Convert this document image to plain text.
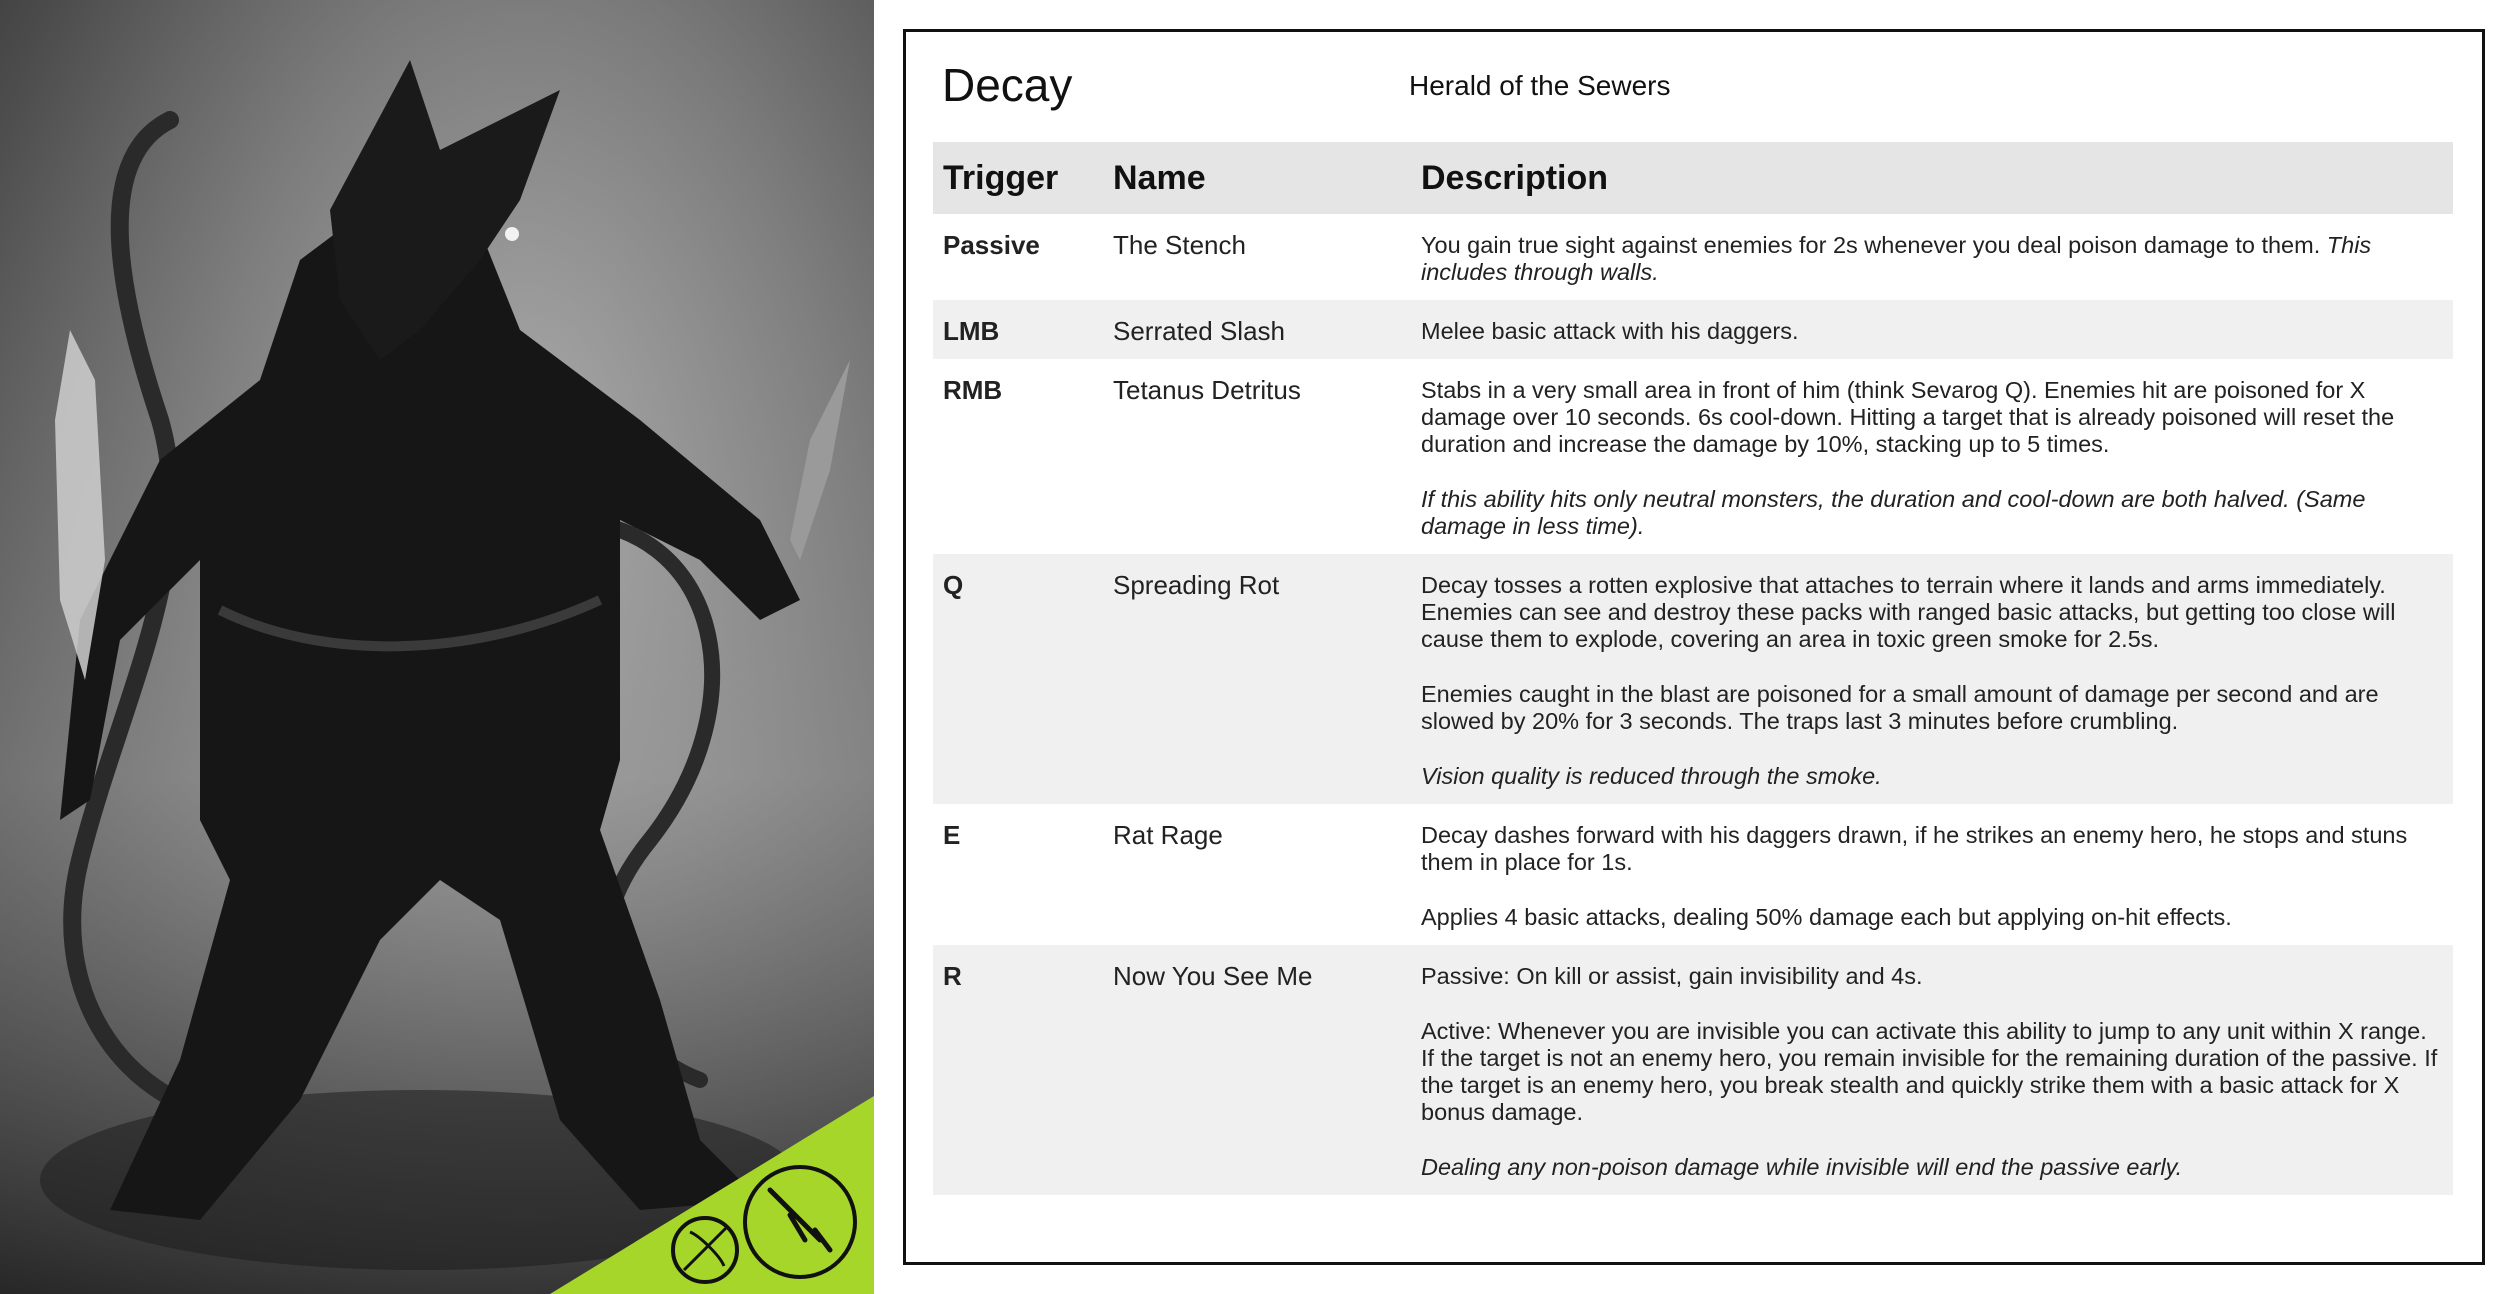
Decay	Herald of the Sewers
Trigger	Name	Description
Passive	The Stench	You gain true sight against enemies for 2s whenever you deal poison damage to them. This includes through walls.

LMB	Serrated Slash	Melee basic attack with his daggers.

RMB	Tetanus Detritus	Stabs in a very small area in front of him (think Sevarog Q). Enemies hit are poisoned for X damage over 10 seconds. 6s cool-down. Hitting a target that is already poisoned will reset the duration and increase the damage by 10%, stacking up to 5 times.

If this ability hits only neutral monsters, the duration and cool-down are both halved. (Same damage in less time).

Q	Spreading Rot	Decay tosses a rotten explosive that attaches to terrain where it lands and arms immediately. Enemies can see and destroy these packs with ranged basic attacks, but getting too close will cause them to explode, covering an area in toxic green smoke for 2.5s.

Enemies caught in the blast are poisoned for a small amount of damage per second and are slowed by 20% for 3 seconds. The traps last 3 minutes before crumbling.

Vision quality is reduced through the smoke.

E	Rat Rage	Decay dashes forward with his daggers drawn, if he strikes an enemy hero, he stops and stuns them in place for 1s.

Applies 4 basic attacks, dealing 50% damage each but applying on-hit effects.

R	Now You See Me	Passive: On kill or assist, gain invisibility and 4s.

Active: Whenever you are invisible you can activate this ability to jump to any unit within X range. If the target is not an enemy hero, you remain invisible for the remaining duration of the passive. If the target is an enemy hero, you break stealth and quickly strike them with a basic attack for X bonus damage.

Dealing any non-poison damage while invisible will end the passive early.
